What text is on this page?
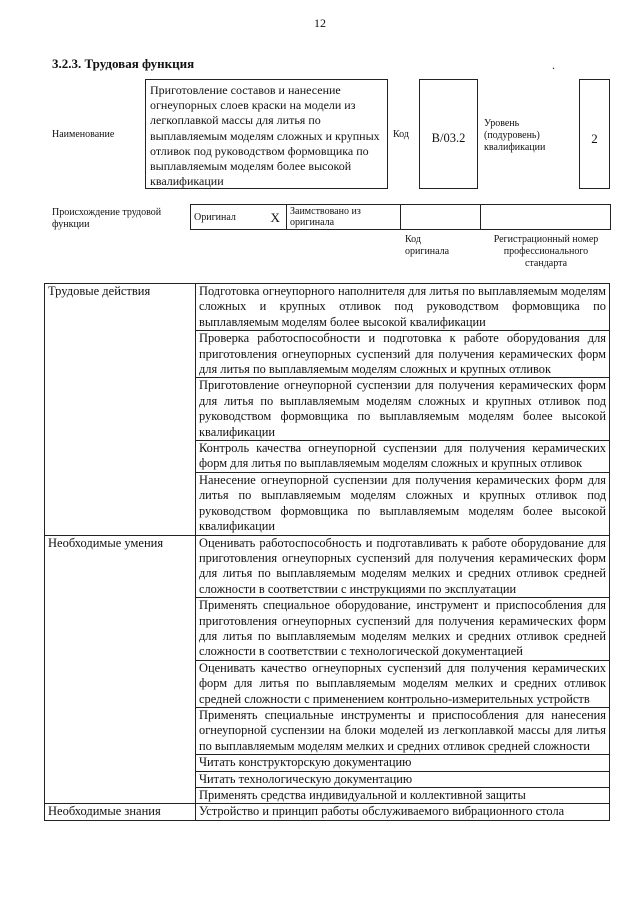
12
3.2.3. Трудовая функция	.
Наименование
Приготовление составов и нанесение огнеупорных слоев краски на модели из легкоплавкой массы для литья по выплавляемым моделям сложных и крупных отливок под руководством формовщика по выплавляемым моделям более высокой квалификации
Код	В/03.2
Уровень (подуровень) квалификации
2
Происхождение трудовой функции
Оригинал	X	Заимствовано из оригинала		
Код оригинала
Регистрационный номер профессионального стандарта
Трудовые действия	Подготовка огнеупорного наполнителя для литья по выплавляемым моделям сложных и крупных отливок под руководством формовщика по выплавляемым моделям более высокой квалификации
	Проверка работоспособности и подготовка к работе оборудования для приготовления огнеупорных суспензий для получения керамических форм для литья по выплавляемым моделям сложных и крупных отливок
	Приготовление огнеупорной суспензии для получения керамических форм для литья по выплавляемым моделям сложных и крупных отливок под руководством формовщика по выплавляемым моделям более высокой квалификации
	Контроль качества огнеупорной суспензии для получения керамических форм для литья по выплавляемым моделям сложных и крупных отливок
	Нанесение огнеупорной суспензии для получения керамических форм для литья по выплавляемым моделям сложных и крупных отливок под руководством формовщика по выплавляемым моделям более высокой квалификации
Необходимые умения	Оценивать работоспособность и подготавливать к работе оборудование для приготовления огнеупорных суспензий для получения керамических форм для литья по выплавляемым моделям мелких и средних отливок средней сложности в соответствии с инструкциями по эксплуатации
	Применять специальное оборудование, инструмент и приспособления для приготовления огнеупорных суспензий для получения керамических форм для литья по выплавляемым моделям мелких и средних отливок средней сложности в соответствии с технологической документацией
	Оценивать качество огнеупорных суспензий для получения керамических форм для литья по выплавляемым моделям мелких и средних отливок средней сложности с применением контрольно-измерительных устройств
	Применять специальные инструменты и приспособления для нанесения огнеупорной суспензии на блоки моделей из легкоплавкой массы для литья по выплавляемым моделям мелких и средних отливок средней сложности
	Читать конструкторскую документацию
	Читать технологическую документацию
	Применять средства индивидуальной и коллективной защиты
Необходимые знания	Устройство и принцип работы обслуживаемого вибрационного стола
